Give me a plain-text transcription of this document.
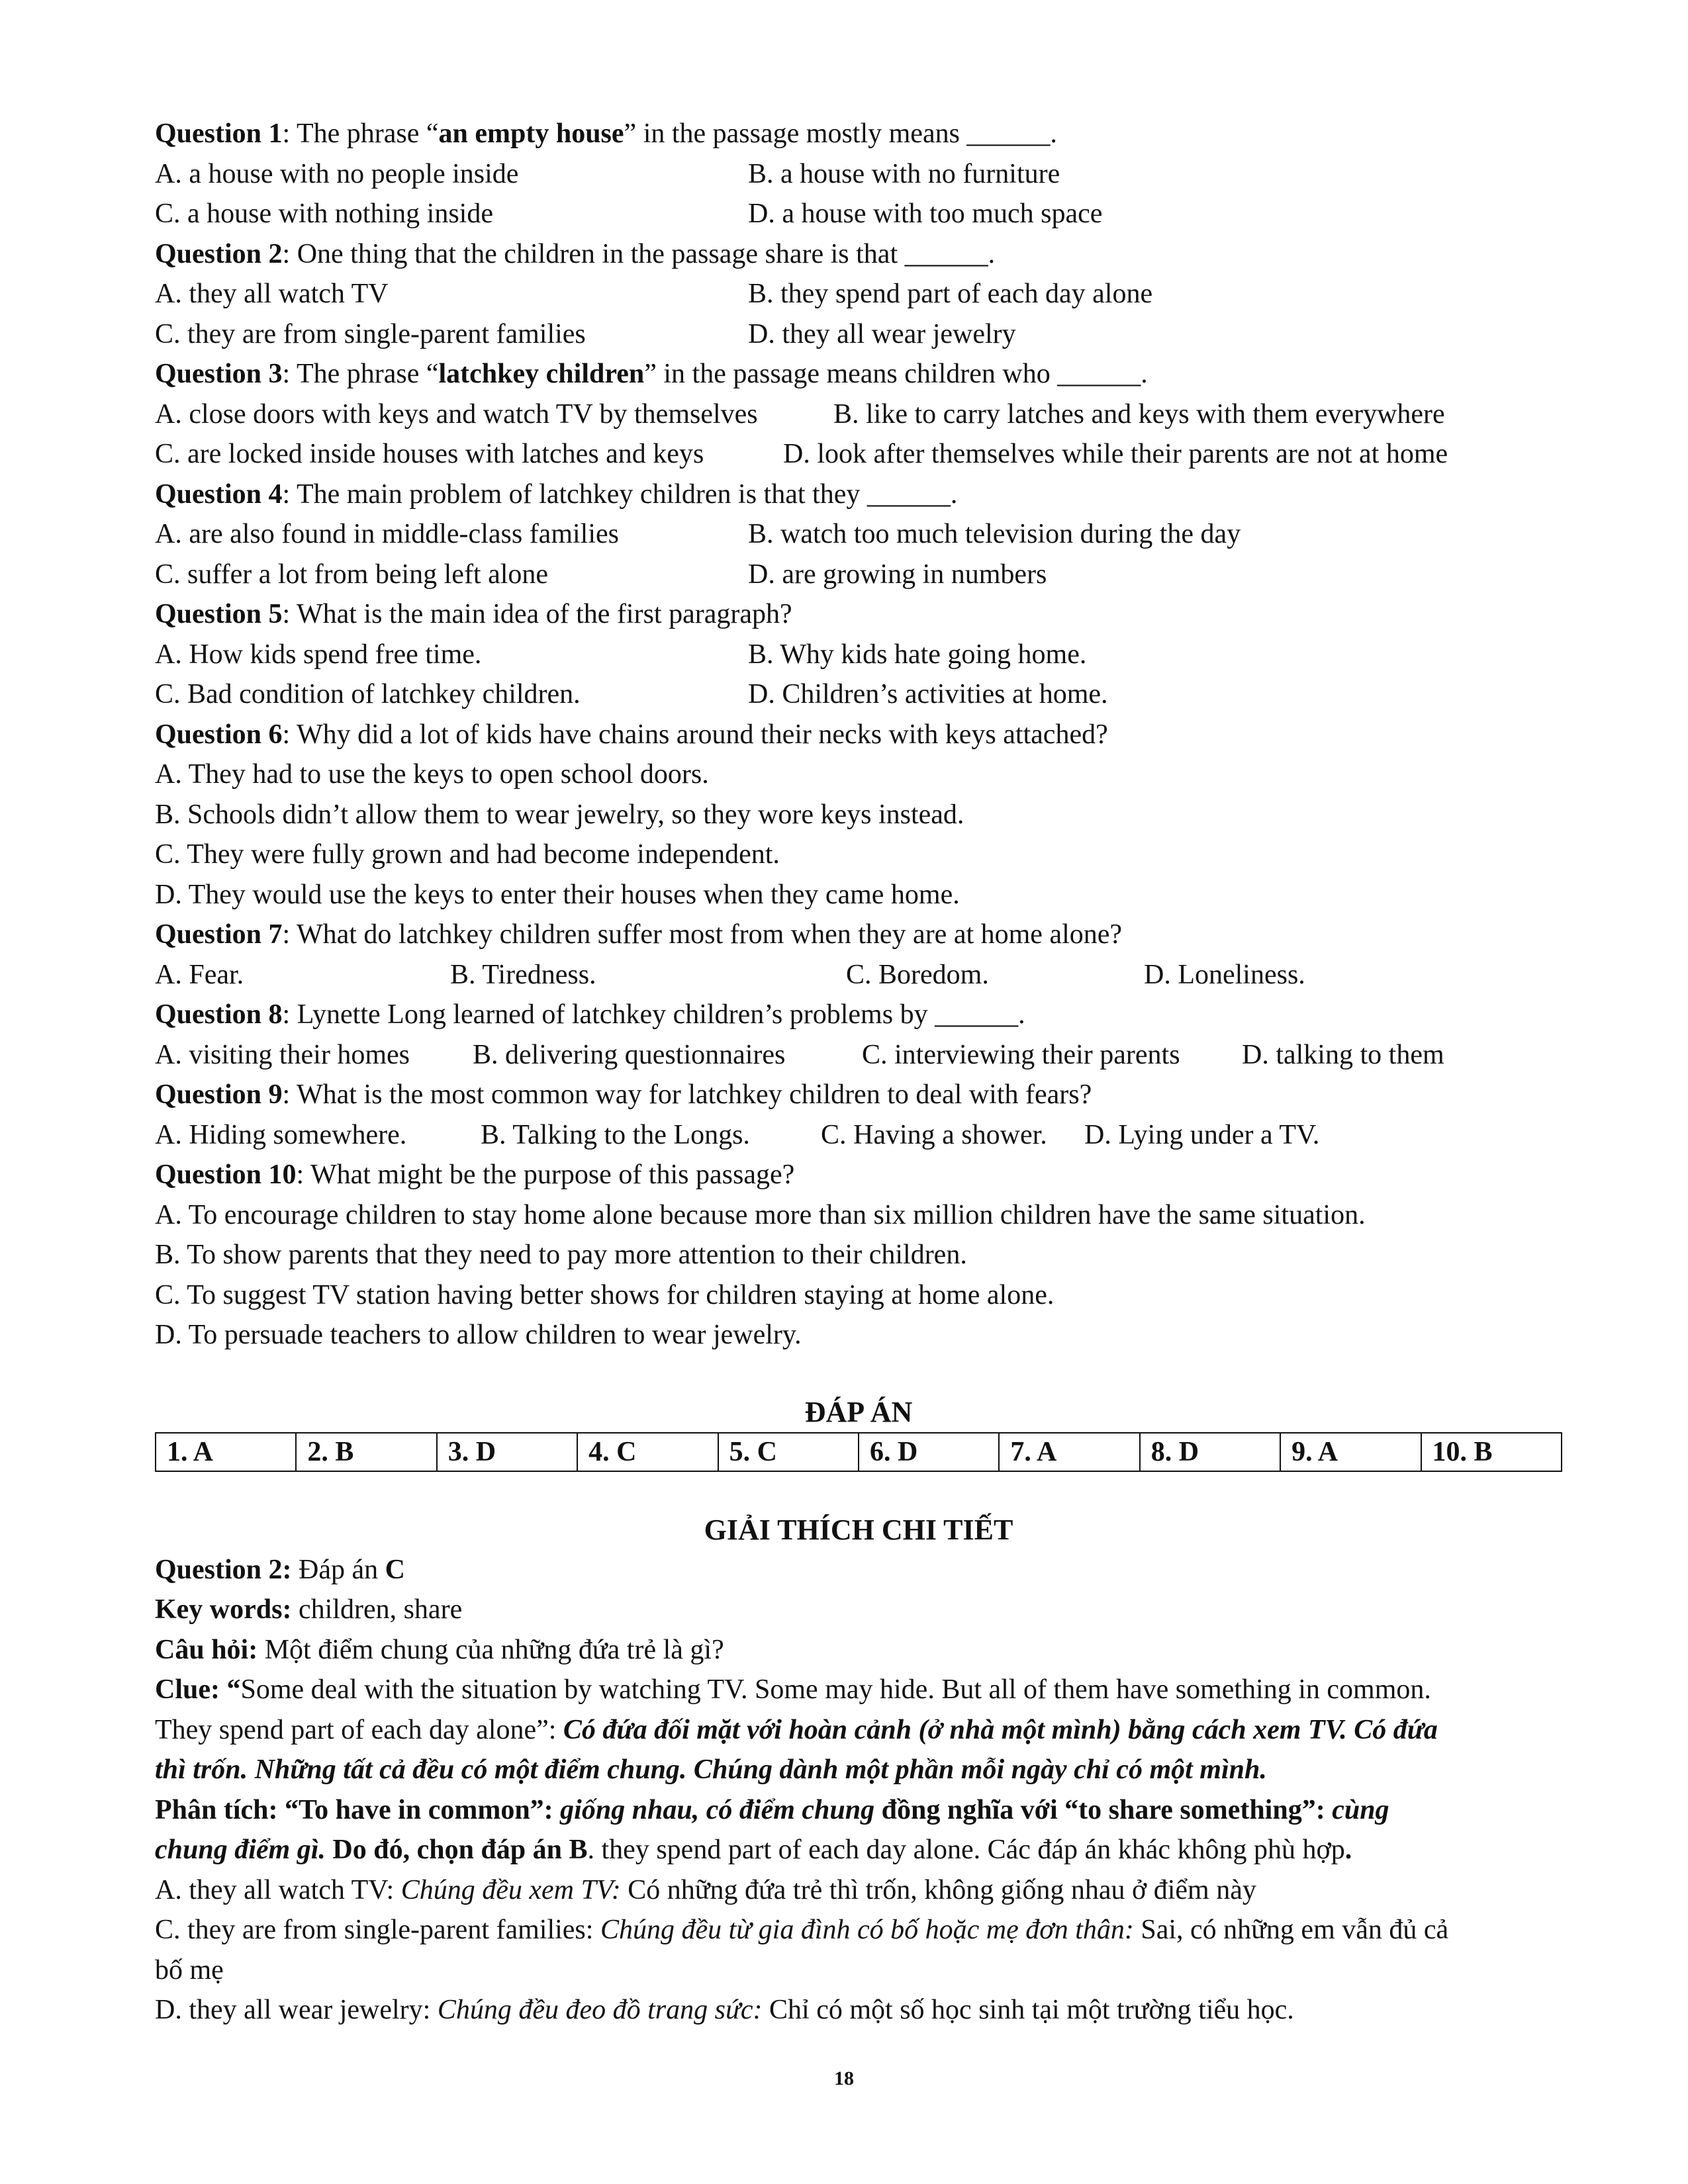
Question 1: The phrase “an empty house” in the passage mostly means ______.
A. a house with no people inside	B. a house with no furniture
C. a house with nothing inside	D. a house with too much space
Question 2: One thing that the children in the passage share is that ______.
A. they all watch TV	B. they spend part of each day alone
C. they are from single-parent families	D. they all wear jewelry
Question 3: The phrase “latchkey children” in the passage means children who ______.
A. close doors with keys and watch TV by themselves	B. like to carry latches and keys with them everywhere
C. are locked inside houses with latches and keys	D. look after themselves while their parents are not at home
Question 4: The main problem of latchkey children is that they ______.
A. are also found in middle-class families	B. watch too much television during the day
C. suffer a lot from being left alone	D. are growing in numbers
Question 5: What is the main idea of the first paragraph?
A. How kids spend free time.	B. Why kids hate going home.
C. Bad condition of latchkey children.	D. Children’s activities at home.
Question 6: Why did a lot of kids have chains around their necks with keys attached?
A. They had to use the keys to open school doors.
B. Schools didn’t allow them to wear jewelry, so they wore keys instead.
C. They were fully grown and had become independent.
D. They would use the keys to enter their houses when they came home.
Question 7: What do latchkey children suffer most from when they are at home alone?
A. Fear.	B. Tiredness.	C. Boredom.	D. Loneliness.
Question 8: Lynette Long learned of latchkey children’s problems by ______.
A. visiting their homes B. delivering questionnaires	C. interviewing their parents D. talking to them
Question 9: What is the most common way for latchkey children to deal with fears?
A. Hiding somewhere.	B. Talking to the Longs.	C. Having a shower. D. Lying under a TV.
Question 10: What might be the purpose of this passage?
A. To encourage children to stay home alone because more than six million children have the same situation.
B. To show parents that they need to pay more attention to their children.
C. To suggest TV station having better shows for children staying at home alone.
D. To persuade teachers to allow children to wear jewelry.
ĐÁP ÁN
1. A	2. B	3. D	4. C	5. C	6. D	7. A	8. D	9. A	10. B
GIẢI THÍCH CHI TIẾT

Question 2: Đáp án C

Key words: children, share

Câu hỏi: Một điểm chung của những đứa trẻ là gì?

Clue: “Some deal with the situation by watching TV. Some may hide. But all of them have something in common.

They spend part of each day alone”: Có đứa đối mặt với hoàn cảnh (ở nhà một mình) bằng cách xem TV. Có đứa

thì trốn. Những tất cả đều có một điểm chung. Chúng dành một phần mỗi ngày chỉ có một mình.

Phân tích: “To have in common”: giống nhau, có điểm chung đồng nghĩa với “to share something”: cùng

chung điểm gì. Do đó, chọn đáp án B. they spend part of each day alone. Các đáp án khác không phù hợp.

A. they all watch TV: Chúng đều xem TV: Có những đứa trẻ thì trốn, không giống nhau ở điểm này

C. they are from single-parent families: Chúng đều từ gia đình có bố hoặc mẹ đơn thân: Sai, có những em vẫn đủ cả

bố mẹ

D. they all wear jewelry: Chúng đều đeo đồ trang sức: Chỉ có một số học sinh tại một trường tiểu học.

18
